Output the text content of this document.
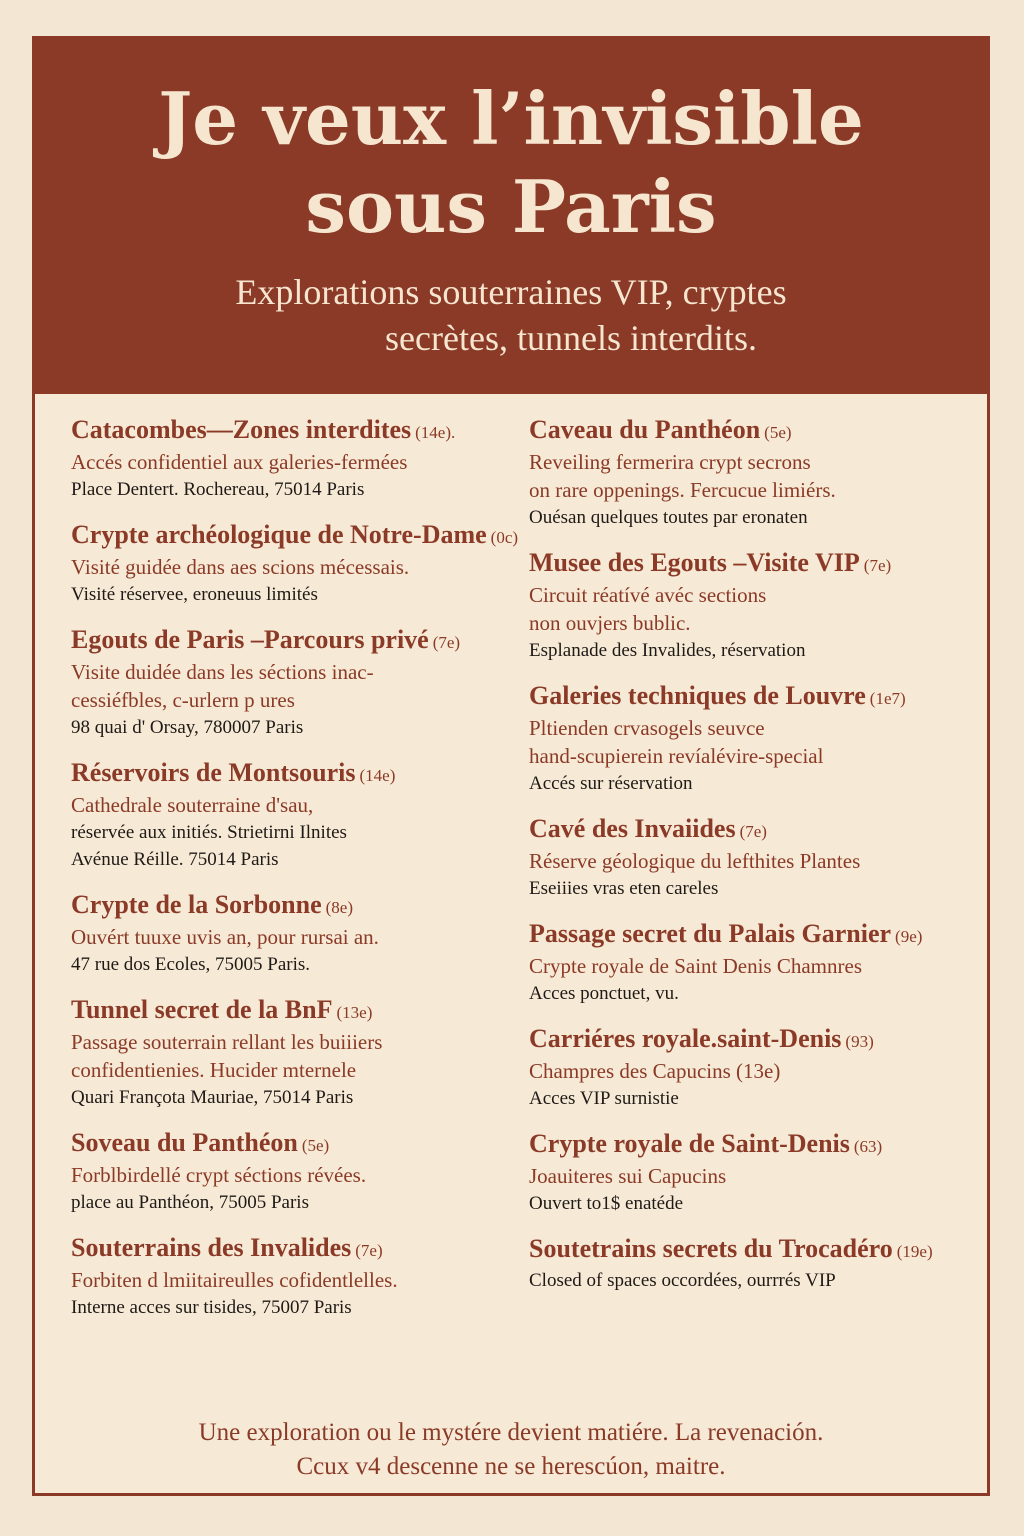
Je veux l’invisible
sous Paris
Explorations souterraines VIP, cryptes
secrètes, tunnels interdits.
Catacombes—Zones interdites (14e).
Accés confidentiel aux galeries-fermées
Place Dentert. Rochereau, 75014 Paris
Crypte archéologique de Notre-Dame (0c)
Visité guidée dans aes scions mécessais.
Visité réservee, eroneuus limités
Egouts de Paris –Parcours privé (7e)
Visite duidée dans les séctions inac-
cessiéfbles, c-urlern p ures
98 quai d' Orsay, 780007 Paris
Réservoirs de Montsouris (14e)
Cathedrale souterraine d'sau,
réservée aux initiés. Strietirni Ilnites
Avénue Réille. 75014 Paris
Crypte de la Sorbonne (8e)
Ouvért tuuxe uvis an, pour rursai an.
47 rue dos Ecoles, 75005 Paris.
Tunnel secret de la BnF (13e)
Passage souterrain rellant les buiiiers
confidentienies. Hucider mternele
Quari Françota Mauriae, 75014 Paris
Soveau du Panthéon (5e)
Forblbirdellé crypt séctions révées.
place au Panthéon, 75005 Paris
Souterrains des Invalides (7e)
Forbiten d lmiitaireulles cofidentlelles.
Interne acces sur tisides, 75007 Paris
Caveau du Panthéon (5e)
Reveiling fermerira crypt secrons
on rare oppenings. Fercucue limiérs.
Ouésan quelques toutes par eronaten
Musee des Egouts –Visite VIP (7e)
Circuit réatívé avéc sections
non ouvjers bublic.
Esplanade des Invalides, réservation
Galeries techniques de Louvre (1e7)
Pltienden crvasogels seuvce
hand-scupierein revíalévire-special
Accés sur réservation
Cavé des Invaiides (7e)
Réserve géologique du lefthites Plantes
Eseiiies vras eten careles
Passage secret du Palais Garnier (9e)
Crypte royale de Saint Denis Chamnres
Acces ponctuet, vu.
Carriéres royale.saint-Denis (93)
Champres des Capucins (13e)
Acces VIP surnistie
Crypte royale de Saint-Denis (63)
Joauiteres sui Capucins
Ouvert to1$ enatéde
Soutetrains secrets du Trocadéro (19e)
Closed of spaces occordées, ourrrés VIP
Une exploration ou le mystére devient matiére. La revenación.
Ccux v4 descenne ne se herescúon, maitre.
